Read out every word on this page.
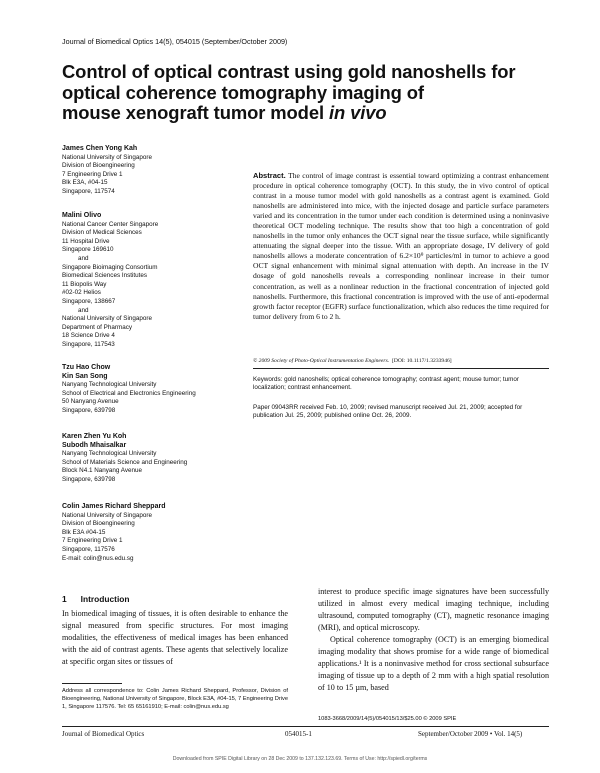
Journal of Biomedical Optics 14(5), 054015 (September/October 2009)
Control of optical contrast using gold nanoshells for
optical coherence tomography imaging of
mouse xenograft tumor model in vivo
James Chen Yong Kah
National University of Singapore
Division of Bioengineering
7 Engineering Drive 1
Blk E3A, #04-15
Singapore, 117574
Malini Olivo
National Cancer Center Singapore
Division of Medical Sciences
11 Hospital Drive
Singapore 169610
and
Singapore Bioimaging Consortium
Biomedical Sciences Institutes
11 Biopolis Way
#02-02 Helios
Singapore, 138667
and
National University of Singapore
Department of Pharmacy
18 Science Drive 4
Singapore, 117543
Tzu Hao Chow
Kin San Song
Nanyang Technological University
School of Electrical and Electronics Engineering
50 Nanyang Avenue
Singapore, 639798
Karen Zhen Yu Koh
Subodh Mhaisalkar
Nanyang Technological University
School of Materials Science and Engineering
Block N4.1 Nanyang Avenue
Singapore, 639798
Colin James Richard Sheppard
National University of Singapore
Division of Bioengineering
Blk E3A #04-15
7 Engineering Drive 1
Singapore, 117576
E-mail: colin@nus.edu.sg
Abstract. The control of image contrast is essential toward optimizing a contrast enhancement procedure in optical coherence tomography (OCT). In this study, the in vivo control of optical contrast in a mouse tumor model with gold nanoshells as a contrast agent is examined. Gold nanoshells are administered into mice, with the injected dosage and particle surface parameters varied and its concentration in the tumor under each condition is determined using a noninvasive theoretical OCT modeling technique. The results show that too high a concentration of gold nanoshells in the tumor only enhances the OCT signal near the tissue surface, while significantly attenuating the signal deeper into the tissue. With an appropriate dosage, IV delivery of gold nanoshells allows a moderate concentration of 6.2×10⁹ particles/ml in tumor to achieve a good OCT signal enhancement with minimal signal attenuation with depth. An increase in the IV dosage of gold nanoshells reveals a corresponding nonlinear increase in their tumor concentration, as well as a nonlinear reduction in the fractional concentration of injected gold nanoshells. Furthermore, this fractional concentration is improved with the use of anti-epodermal growth factor receptor (EGFR) surface functionalization, which also reduces the time required for tumor delivery from 6 to 2 h.
© 2009 Society of Photo-Optical Instrumentation Engineers. [DOI: 10.1117/1.3233946]
Keywords: gold nanoshells; optical coherence tomography; contrast agent; mouse tumor; tumor localization; contrast enhancement.
Paper 09043RR received Feb. 10, 2009; revised manuscript received Jul. 21, 2009; accepted for publication Jul. 25, 2009; published online Oct. 26, 2009.
1 Introduction
In biomedical imaging of tissues, it is often desirable to enhance the signal measured from specific structures. For most imaging modalities, the effectiveness of medical images has been enhanced with the aid of contrast agents. These agents that selectively localize at specific organ sites or tissues of
interest to produce specific image signatures have been successfully utilized in almost every medical imaging technique, including ultrasound, computed tomography (CT), magnetic resonance imaging (MRI), and optical microscopy.
Optical coherence tomography (OCT) is an emerging biomedical imaging modality that shows promise for a wide range of biomedical applications.¹ It is a noninvasive method for cross sectional subsurface imaging of tissue up to a depth of 2 mm with a high spatial resolution of 10 to 15 µm, based
Address all correspondence to: Colin James Richard Sheppard, Professor, Division of Bioengineering, National University of Singapore, Block E3A, #04-15, 7 Engineering Drive 1, Singapore 117576. Tel: 65 65161910; E-mail: colin@nus.edu.sg
1083-3668/2009/14(5)/054015/13/$25.00 © 2009 SPIE
Journal of Biomedical Optics	054015-1	September/October 2009 • Vol. 14(5)
Downloaded from SPIE Digital Library on 28 Dec 2009 to 137.132.123.69. Terms of Use: http://spiedl.org/terms
